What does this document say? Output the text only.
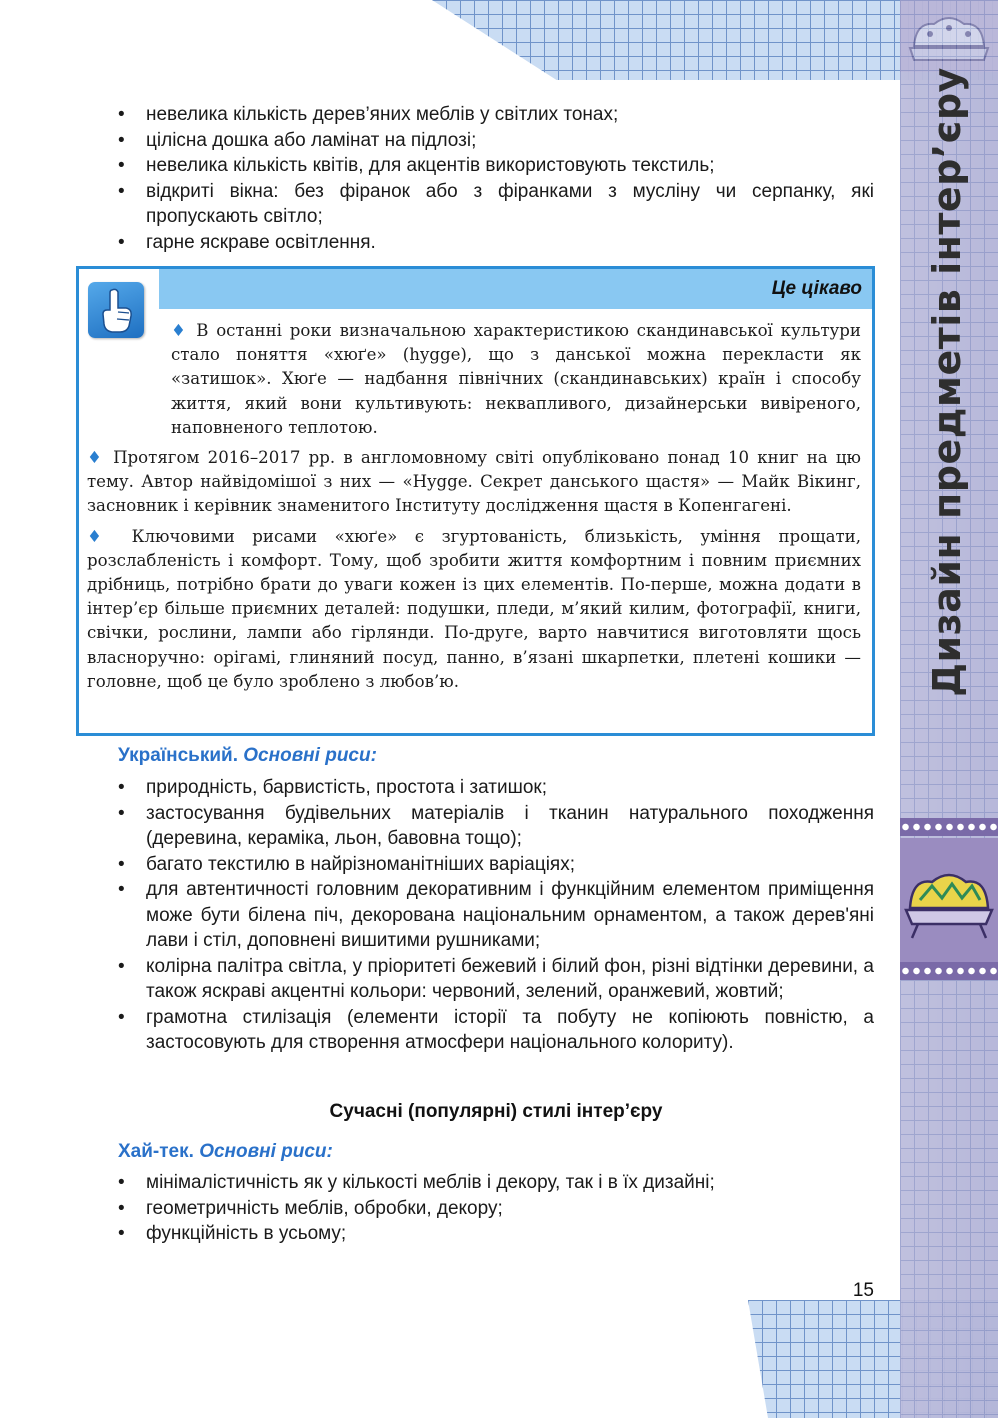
Дизайн предметів інтер’єру
• невелика кількість дерев’яних меблів у світлих тонах;
• цілісна дошка або ламінат на підлозі;
• невелика кількість квітів, для акцентів використовують текстиль;
• відкриті вікна: без фіранок або з фіранками з мусліну чи серпанку, які пропускають світло;
• гарне яскраве освітлення.
Це цікаво

♦ В останні роки визначальною характеристикою скандинавської культури стало поняття «хюґе» (hygge), що з данської можна перекласти як «затишок». Хюґе — надбання північних (скандинавських) країн і способу життя, який вони культивують: неквапливого, дизайнерськи вивіреного, наповненого теплотою.

♦ Протягом 2016–2017 рр. в англомовному світі опубліковано понад 10 книг на цю тему. Автор найвідомішої з них — «Hygge. Секрет данського щастя» — Майк Вікинг, засновник і керівник знаменитого Інституту дослідження щастя в Копенгагені.

♦ Ключовими рисами «хюґе» є згуртованість, близькість, уміння прощати, розслабленість і комфорт. Тому, щоб зробити життя комфортним і повним приємних дрібниць, потрібно брати до уваги кожен із цих елементів. По-перше, можна додати в інтер’єр більше приємних деталей: подушки, пледи, м’який килим, фотографії, книги, свічки, рослини, лампи або гірлянди. По-друге, варто навчитися виготовляти щось власноручно: орігамі, глиняний посуд, панно, в’язані шкарпетки, плетені кошики — головне, щоб це було зроблено з любов’ю.

Український. Основні риси:
• природність, барвистість, простота і затишок;
• застосування будівельних матеріалів і тканин натурального походження (деревина, кераміка, льон, бавовна тощо);
• багато текстилю в найрізноманітніших варіаціях;
• для автентичності головним декоративним і функційним елементом приміщення може бути білена піч, декорована національним орнаментом, а також дерев'яні лави і стіл, доповнені вишитими рушниками;
• колірна палітра світла, у пріоритеті бежевий і білий фон, різні відтінки деревини, а також яскраві акцентні кольори: червоний, зелений, оранжевий, жовтий;
• грамотна стилізація (елементи історії та побуту не копіюють повністю, а застосовують для створення атмосфери національного колориту).
Сучасні (популярні) стилі інтер’єру
Хай-тек. Основні риси:
• мінімалістичність як у кількості меблів і декору, так і в їх дизайні;
• геометричність меблів, обробки, декору;
• функційність в усьому;
15
